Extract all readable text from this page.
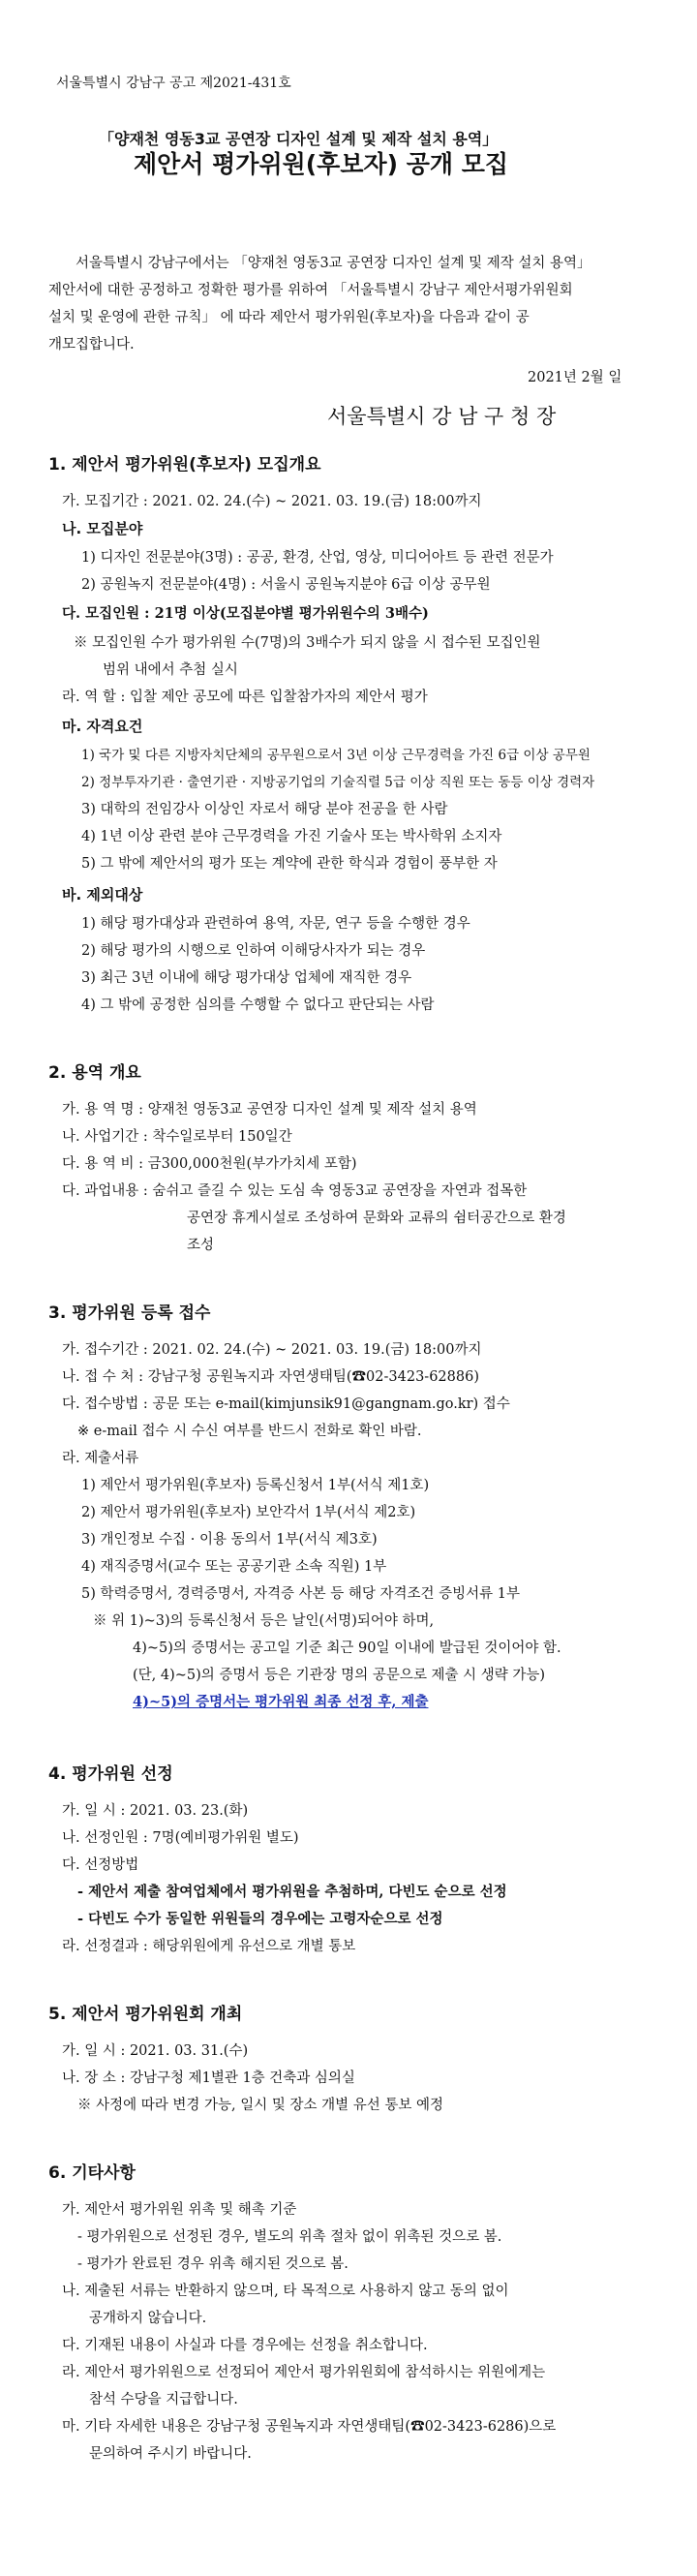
서울특별시 강남구 공고 제2021-431호
「양재천 영동3교 공연장 디자인 설계 및 제작 설치 용역」
제안서 평가위원(후보자) 공개 모집
서울특별시 강남구에서는 「양재천 영동3교 공연장 디자인 설계 및 제작 설치 용역」
제안서에 대한 공정하고 정확한 평가를 위하여 「서울특별시 강남구 제안서평가위원회
설치 및 운영에 관한 규칙」 에 따라 제안서 평가위원(후보자)을 다음과 같이 공
개모집합니다.
2021년 2월 일
서울특별시 강 남 구 청 장
1. 제안서 평가위원(후보자) 모집개요
가. 모집기간 : 2021. 02. 24.(수) ~ 2021. 03. 19.(금) 18:00까지
나. 모집분야
1) 디자인 전문분야(3명) : 공공, 환경, 산업, 영상, 미디어아트 등 관련 전문가
2) 공원녹지 전문분야(4명) : 서울시 공원녹지분야 6급 이상 공무원
다. 모집인원 : 21명 이상(모집분야별 평가위원수의 3배수)
※ 모집인원 수가 평가위원 수(7명)의 3배수가 되지 않을 시 접수된 모집인원
범위 내에서 추첨 실시
라. 역 할 : 입찰 제안 공모에 따른 입찰참가자의 제안서 평가
마. 자격요건
1) 국가 및 다른 지방자치단체의 공무원으로서 3년 이상 근무경력을 가진 6급 이상 공무원
2) 정부투자기관 · 출연기관 · 지방공기업의 기술직렬 5급 이상 직원 또는 동등 이상 경력자
3) 대학의 전임강사 이상인 자로서 해당 분야 전공을 한 사람
4) 1년 이상 관련 분야 근무경력을 가진 기술사 또는 박사학위 소지자
5) 그 밖에 제안서의 평가 또는 계약에 관한 학식과 경험이 풍부한 자
바. 제외대상
1) 해당 평가대상과 관련하여 용역, 자문, 연구 등을 수행한 경우
2) 해당 평가의 시행으로 인하여 이해당사자가 되는 경우
3) 최근 3년 이내에 해당 평가대상 업체에 재직한 경우
4) 그 밖에 공정한 심의를 수행할 수 없다고 판단되는 사람
2. 용역 개요
가. 용 역 명 : 양재천 영동3교 공연장 디자인 설계 및 제작 설치 용역
나. 사업기간 : 착수일로부터 150일간
다. 용 역 비 : 금300,000천원(부가가치세 포함)
다. 과업내용 : 숨쉬고 즐길 수 있는 도심 속 영동3교 공연장을 자연과 접목한
공연장 휴게시설로 조성하여 문화와 교류의 쉼터공간으로 환경
조성
3. 평가위원 등록 접수
가. 접수기간 : 2021. 02. 24.(수) ~ 2021. 03. 19.(금) 18:00까지
나. 접 수 처 : 강남구청 공원녹지과 자연생태팀(☎02-3423-62886)
다. 접수방법 : 공문 또는 e-mail(kimjunsik91@gangnam.go.kr) 접수
※ e-mail 접수 시 수신 여부를 반드시 전화로 확인 바람.
라. 제출서류
1) 제안서 평가위원(후보자) 등록신청서 1부(서식 제1호)
2) 제안서 평가위원(후보자) 보안각서 1부(서식 제2호)
3) 개인정보 수집 · 이용 동의서 1부(서식 제3호)
4) 재직증명서(교수 또는 공공기관 소속 직원) 1부
5) 학력증명서, 경력증명서, 자격증 사본 등 해당 자격조건 증빙서류 1부
※ 위 1)~3)의 등록신청서 등은 날인(서명)되어야 하며,
4)~5)의 증명서는 공고일 기준 최근 90일 이내에 발급된 것이어야 함.
(단, 4)~5)의 증명서 등은 기관장 명의 공문으로 제출 시 생략 가능)
4)~5)의 증명서는 평가위원 최종 선정 후, 제출
4. 평가위원 선정
가. 일 시 : 2021. 03. 23.(화)
나. 선정인원 : 7명(예비평가위원 별도)
다. 선정방법
- 제안서 제출 참여업체에서 평가위원을 추첨하며, 다빈도 순으로 선정
- 다빈도 수가 동일한 위원들의 경우에는 고령자순으로 선정
라. 선정결과 : 해당위원에게 유선으로 개별 통보
5. 제안서 평가위원회 개최
가. 일 시 : 2021. 03. 31.(수)
나. 장 소 : 강남구청 제1별관 1층 건축과 심의실
※ 사정에 따라 변경 가능, 일시 및 장소 개별 유선 통보 예정
6. 기타사항
가. 제안서 평가위원 위촉 및 해촉 기준
- 평가위원으로 선정된 경우, 별도의 위촉 절차 없이 위촉된 것으로 봄.
- 평가가 완료된 경우 위촉 해지된 것으로 봄.
나. 제출된 서류는 반환하지 않으며, 타 목적으로 사용하지 않고 동의 없이
공개하지 않습니다.
다. 기재된 내용이 사실과 다를 경우에는 선정을 취소합니다.
라. 제안서 평가위원으로 선정되어 제안서 평가위원회에 참석하시는 위원에게는
참석 수당을 지급합니다.
마. 기타 자세한 내용은 강남구청 공원녹지과 자연생태팀(☎02-3423-6286)으로
문의하여 주시기 바랍니다.
